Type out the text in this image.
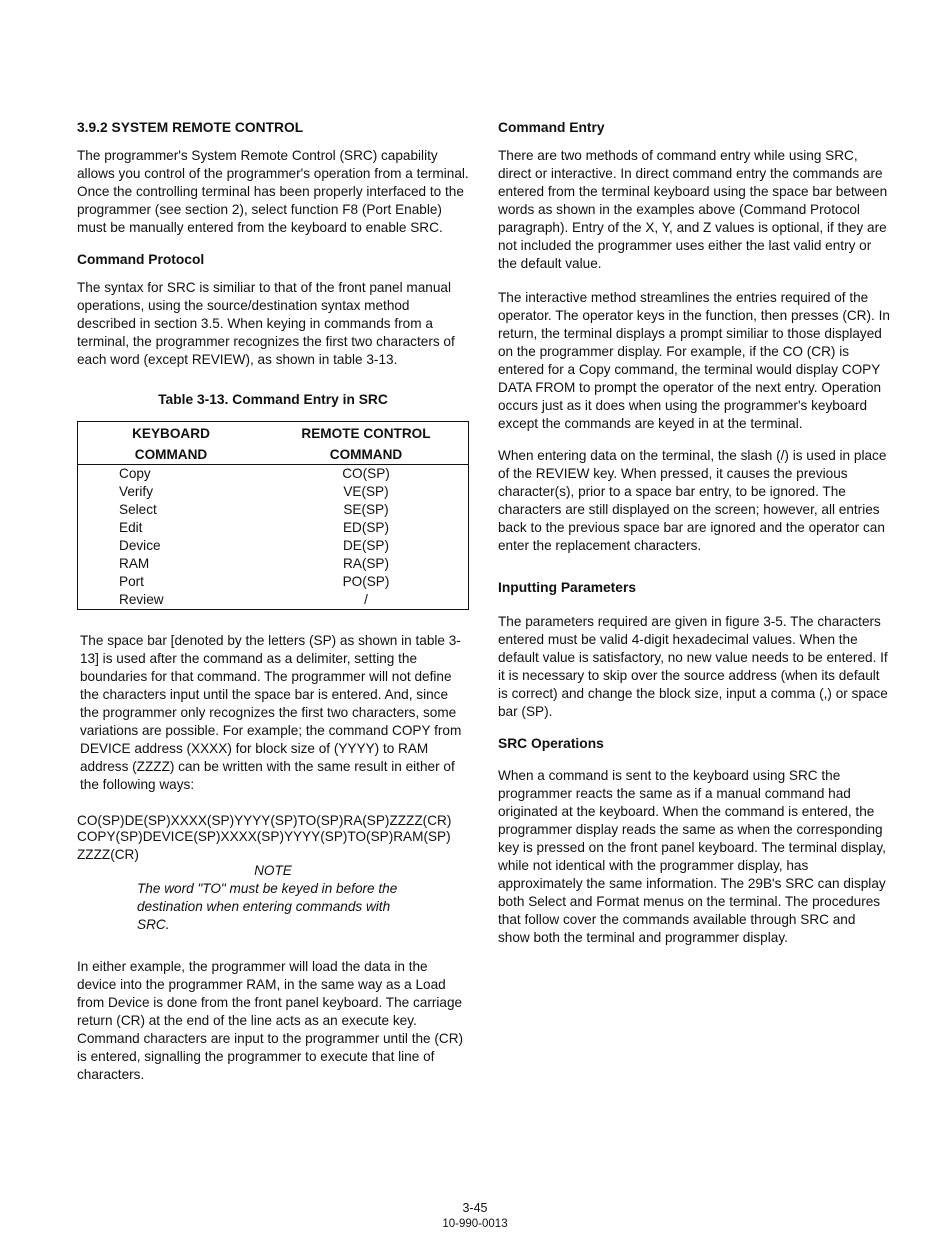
3.9.2 SYSTEM REMOTE CONTROL

The programmer's System Remote Control (SRC) capability allows you control of the programmer's operation from a terminal. Once the controlling terminal has been properly interfaced to the programmer (see section 2), select function F8 (Port Enable) must be manually entered from the keyboard to enable SRC.

Command Protocol

The syntax for SRC is similiar to that of the front panel manual operations, using the source/destination syntax method described in section 3.5. When keying in commands from a terminal, the programmer recognizes the first two characters of each word (except REVIEW), as shown in table 3-13.

Table 3-13. Command Entry in SRC

KEYBOARD	REMOTE CONTROL
COMMAND	COMMAND
Copy	CO(SP)
Verify	VE(SP)
Select	SE(SP)
Edit	ED(SP)
Device	DE(SP)
RAM	RA(SP)
Port	PO(SP)
Review	/

The space bar [denoted by the letters (SP) as shown in table 3-13] is used after the command as a delimiter, setting the boundaries for that command. The programmer will not define the characters input until the space bar is entered. And, since the programmer only recognizes the first two characters, some variations are possible. For example; the command COPY from DEVICE address (XXXX) for block size of (YYYY) to RAM address (ZZZZ) can be written with the same result in either of the following ways:

CO(SP)DE(SP)XXXX(SP)YYYY(SP)TO(SP)RA(SP)ZZZZ(CR)

COPY(SP)DEVICE(SP)XXXX(SP)YYYY(SP)TO(SP)RAM(SP) ZZZZ(CR)

NOTE

The word "TO" must be keyed in before the destination when entering commands with SRC.

In either example, the programmer will load the data in the device into the programmer RAM, in the same way as a Load from Device is done from the front panel keyboard. The carriage return (CR) at the end of the line acts as an execute key. Command characters are input to the programmer until the (CR) is entered, signalling the programmer to execute that line of characters.

Command Entry

There are two methods of command entry while using SRC, direct or interactive. In direct command entry the commands are entered from the terminal keyboard using the space bar between words as shown in the examples above (Command Protocol paragraph). Entry of the X, Y, and Z values is optional, if they are not included the programmer uses either the last valid entry or the default value.

The interactive method streamlines the entries required of the operator. The operator keys in the function, then presses (CR). In return, the terminal displays a prompt similiar to those displayed on the programmer display. For example, if the CO (CR) is entered for a Copy command, the terminal would display COPY DATA FROM to prompt the operator of the next entry. Operation occurs just as it does when using the programmer's keyboard except the commands are keyed in at the terminal.

When entering data on the terminal, the slash (/) is used in place of the REVIEW key. When pressed, it causes the previous character(s), prior to a space bar entry, to be ignored. The characters are still displayed on the screen; however, all entries back to the previous space bar are ignored and the operator can enter the replacement characters.

Inputting Parameters

The parameters required are given in figure 3-5. The characters entered must be valid 4-digit hexadecimal values. When the default value is satisfactory, no new value needs to be entered. If it is necessary to skip over the source address (when its default is correct) and change the block size, input a comma (,) or space bar (SP).

SRC Operations

When a command is sent to the keyboard using SRC the programmer reacts the same as if a manual command had originated at the keyboard. When the command is entered, the programmer display reads the same as when the corresponding key is pressed on the front panel keyboard. The terminal display, while not identical with the programmer display, has approximately the same information. The 29B's SRC can display both Select and Format menus on the terminal. The procedures that follow cover the commands available through SRC and show both the terminal and programmer display.

3-45
10-990-0013
